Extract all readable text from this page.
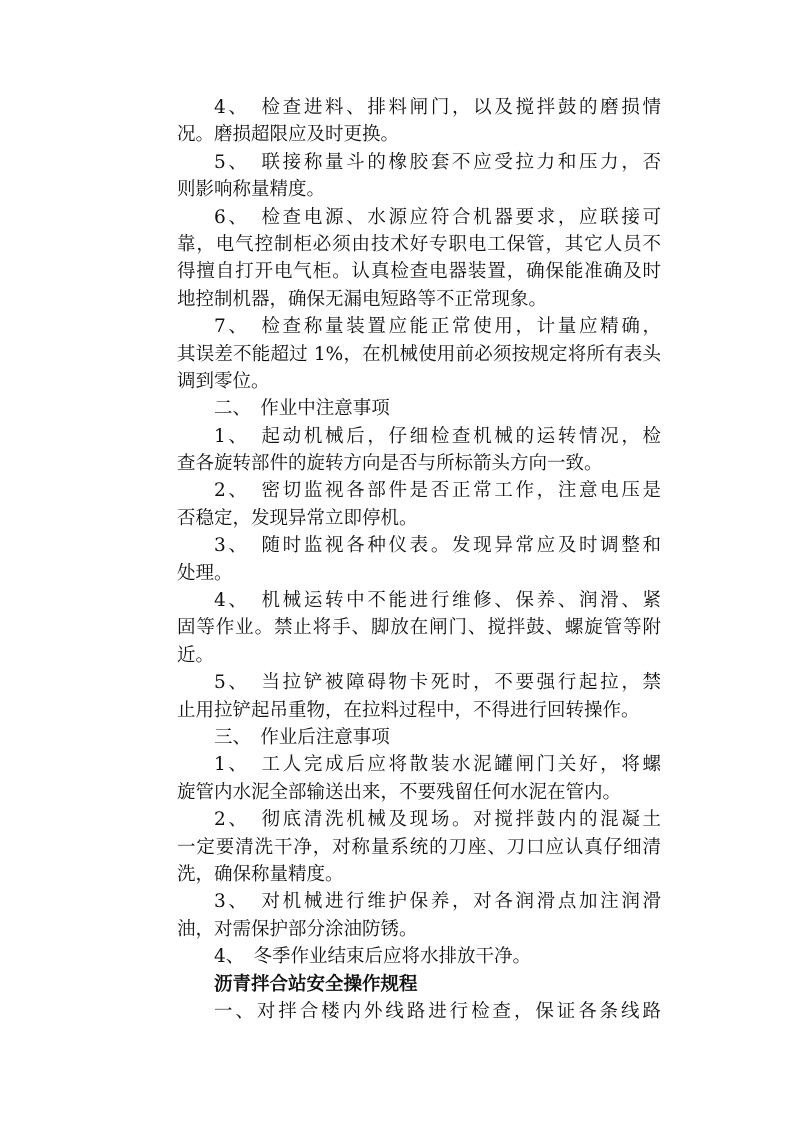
4、　检查进料、排料闸门，以及搅拌鼓的磨损情
况。磨损超限应及时更换。
5、　联接称量斗的橡胶套不应受拉力和压力，否
则影响称量精度。
6、　检查电源、水源应符合机器要求，应联接可
靠，电气控制柜必须由技术好专职电工保管，其它人员不
得擅自打开电气柜。认真检查电器装置，确保能准确及时
地控制机器，确保无漏电短路等不正常现象。
7、　检查称量装置应能正常使用，计量应精确，
其误差不能超过 1%，在机械使用前必须按规定将所有表头
调到零位。
二、　作业中注意事项
1、　起动机械后，仔细检查机械的运转情况，检
查各旋转部件的旋转方向是否与所标箭头方向一致。
2、　密切监视各部件是否正常工作，注意电压是
否稳定，发现异常立即停机。
3、　随时监视各种仪表。发现异常应及时调整和
处理。
4、　机械运转中不能进行维修、保养、润滑、紧
固等作业。禁止将手、脚放在闸门、搅拌鼓、螺旋管等附
近。
5、　当拉铲被障碍物卡死时，不要强行起拉，禁
止用拉铲起吊重物，在拉料过程中，不得进行回转操作。
三、　作业后注意事项
1、　工人完成后应将散装水泥罐闸门关好，将螺
旋管内水泥全部输送出来，不要残留任何水泥在管内。
2、　彻底清洗机械及现场。对搅拌鼓内的混凝土
一定要清洗干净，对称量系统的刀座、刀口应认真仔细清
洗，确保称量精度。
3、　对机械进行维护保养，对各润滑点加注润滑
油，对需保护部分涂油防锈。
4、　冬季作业结束后应将水排放干净。
沥青拌合站安全操作规程
一、对拌合楼内外线路进行检查，保证各条线路
